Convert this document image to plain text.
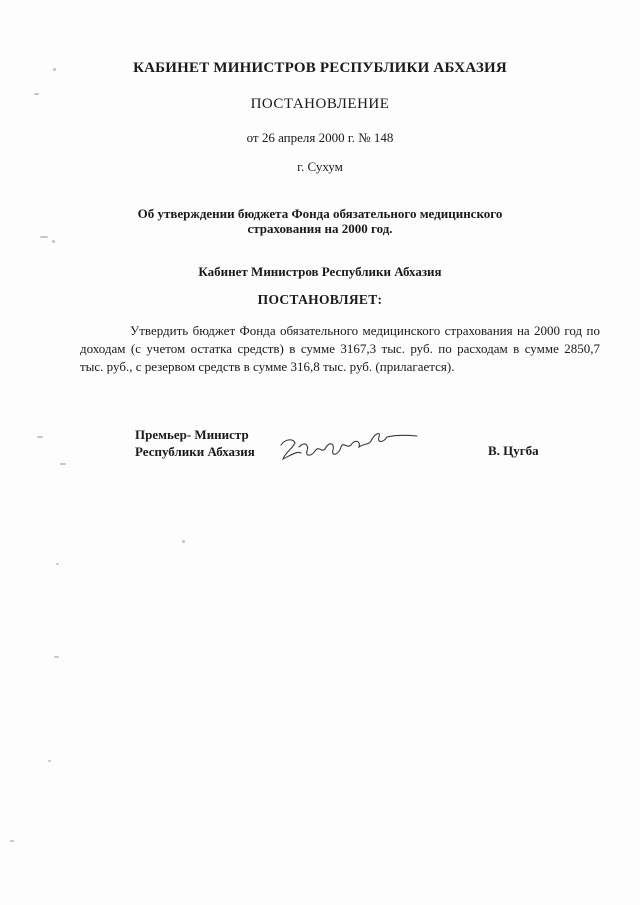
КАБИНЕТ МИНИСТРОВ РЕСПУБЛИКИ АБХАЗИЯ
ПОСТАНОВЛЕНИЕ
от 26 апреля 2000 г. № 148
г. Сухум
Об утверждении бюджета Фонда обязательного медицинского
страхования на 2000 год.
Кабинет Министров Республики Абхазия
ПОСТАНОВЛЯЕТ:
Утвердить бюджет Фонда обязательного медицинского страхования на 2000 год по
доходам (с учетом остатка средств) в сумме 3167,3 тыс. руб. по расходам в сумме 2850,7
тыс. руб., с резервом средств в сумме 316,8 тыс. руб. (прилагается).
Премьер- Министр
Республики Абхазия	В. Цугба
